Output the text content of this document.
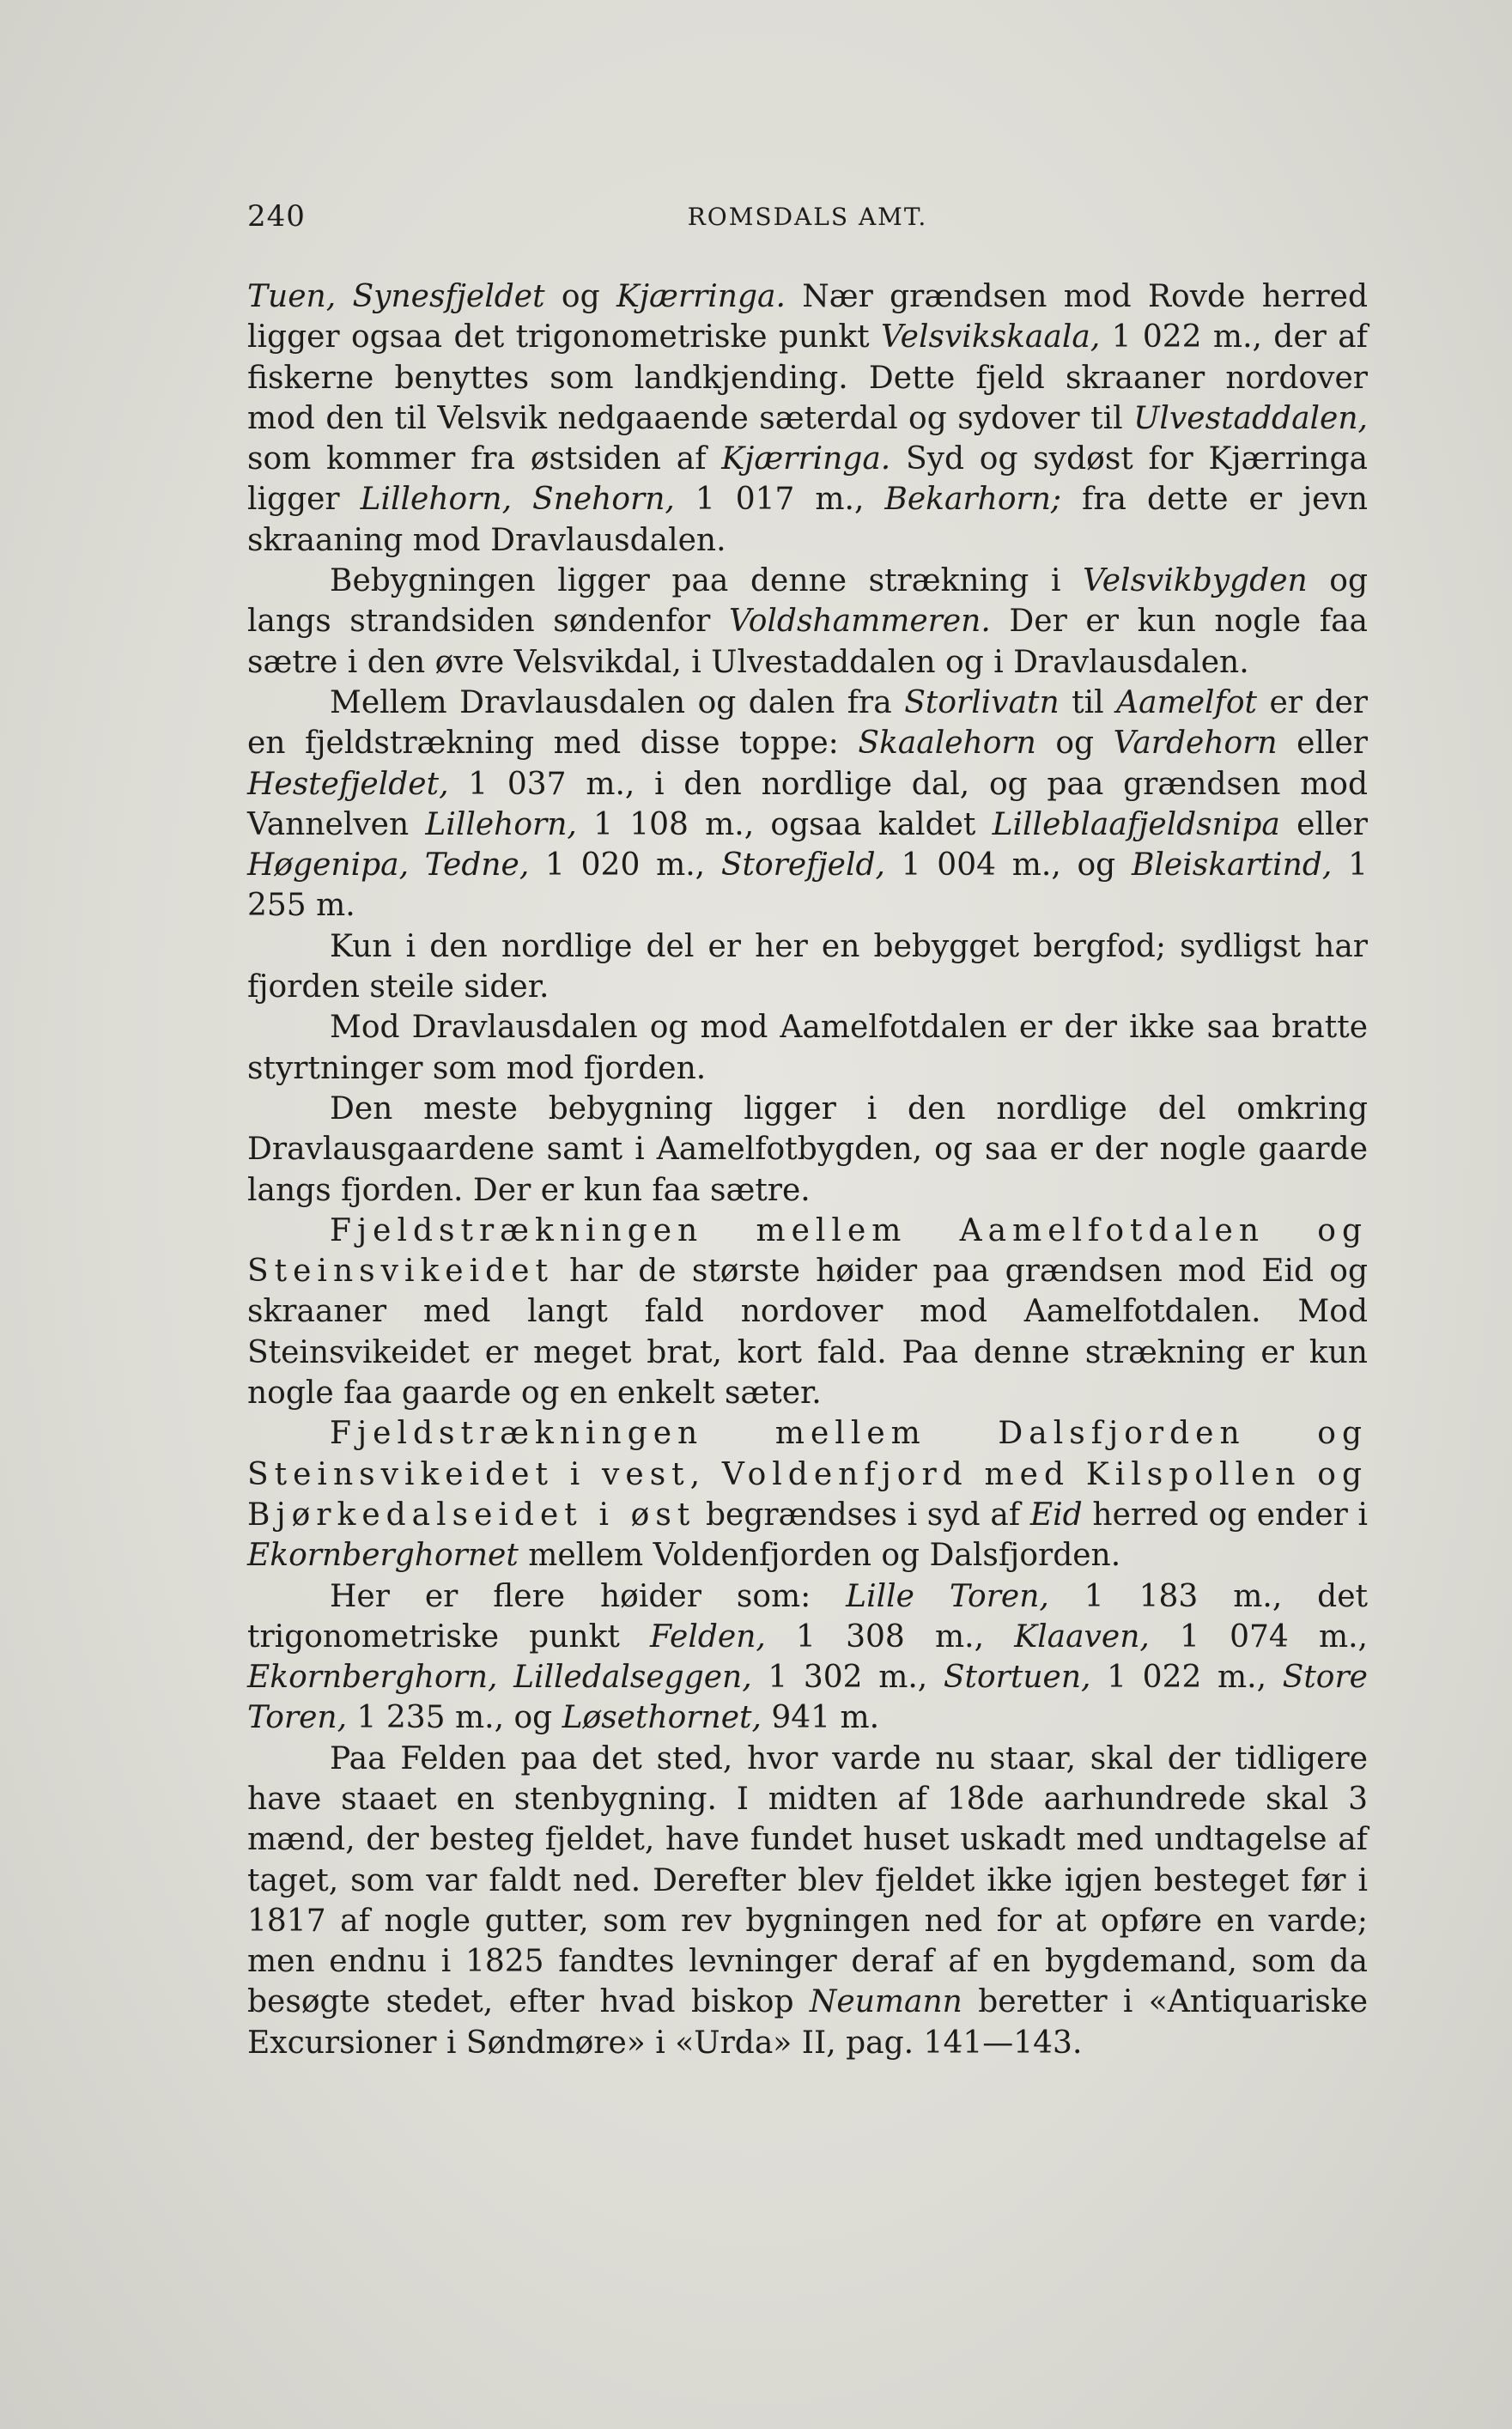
240	ROMSDALS AMT.

Tuen, Synesfjeldet og Kjærringa. Nær grændsen mod Rovde herred ligger ogsaa det trigonometriske punkt Velsvikskaala, 1 022 m., der af fiskerne benyttes som landkjending. Dette fjeld skraaner nordover mod den til Velsvik nedgaaende sæterdal og sydover til Ulvestaddalen, som kommer fra østsiden af Kjærringa. Syd og sydøst for Kjærringa ligger Lillehorn, Snehorn, 1 017 m., Bekarhorn; fra dette er jevn skraaning mod Dravlausdalen.

Bebygningen ligger paa denne strækning i Velsvikbygden og langs strandsiden søndenfor Voldshammeren. Der er kun nogle faa sætre i den øvre Velsvikdal, i Ulvestaddalen og i Dravlausdalen.

Mellem Dravlausdalen og dalen fra Storlivatn til Aamelfot er der en fjeldstrækning med disse toppe: Skaalehorn og Vardehorn eller Hestefjeldet, 1 037 m., i den nordlige dal, og paa grændsen mod Vannelven Lillehorn, 1 108 m., ogsaa kaldet Lilleblaafjeldsnipa eller Høgenipa, Tedne, 1 020 m., Storefjeld, 1 004 m., og Bleiskartind, 1 255 m.

Kun i den nordlige del er her en bebygget bergfod; sydligst har fjorden steile sider.

Mod Dravlausdalen og mod Aamelfotdalen er der ikke saa bratte styrtninger som mod fjorden.

Den meste bebygning ligger i den nordlige del omkring Dravlausgaardene samt i Aamelfotbygden, og saa er der nogle gaarde langs fjorden. Der er kun faa sætre.

Fjeldstrækningen mellem Aamelfotdalen og Steinsvikeidet har de største høider paa grændsen mod Eid og skraaner med langt fald nordover mod Aamelfotdalen. Mod Steinsvikeidet er meget brat, kort fald. Paa denne strækning er kun nogle faa gaarde og en enkelt sæter.

Fjeldstrækningen mellem Dalsfjorden og Steinsvikeidet i vest, Voldenfjord med Kilspollen og Bjørkedalseidet i øst begrændses i syd af Eid herred og ender i Ekornberghornet mellem Voldenfjorden og Dalsfjorden.

Her er flere høider som: Lille Toren, 1 183 m., det trigonometriske punkt Felden, 1 308 m., Klaaven, 1 074 m., Ekornberghorn, Lilledalseggen, 1 302 m., Stortuen, 1 022 m., Store Toren, 1 235 m., og Løsethornet, 941 m.

Paa Felden paa det sted, hvor varde nu staar, skal der tidligere have staaet en stenbygning. I midten af 18de aarhundrede skal 3 mænd, der besteg fjeldet, have fundet huset uskadt med undtagelse af taget, som var faldt ned. Derefter blev fjeldet ikke igjen besteget før i 1817 af nogle gutter, som rev bygningen ned for at opføre en varde; men endnu i 1825 fandtes levninger deraf af en bygdemand, som da besøgte stedet, efter hvad biskop Neumann beretter i «Antiquariske Excursioner i Søndmøre» i «Urda» II, pag. 141—143.
